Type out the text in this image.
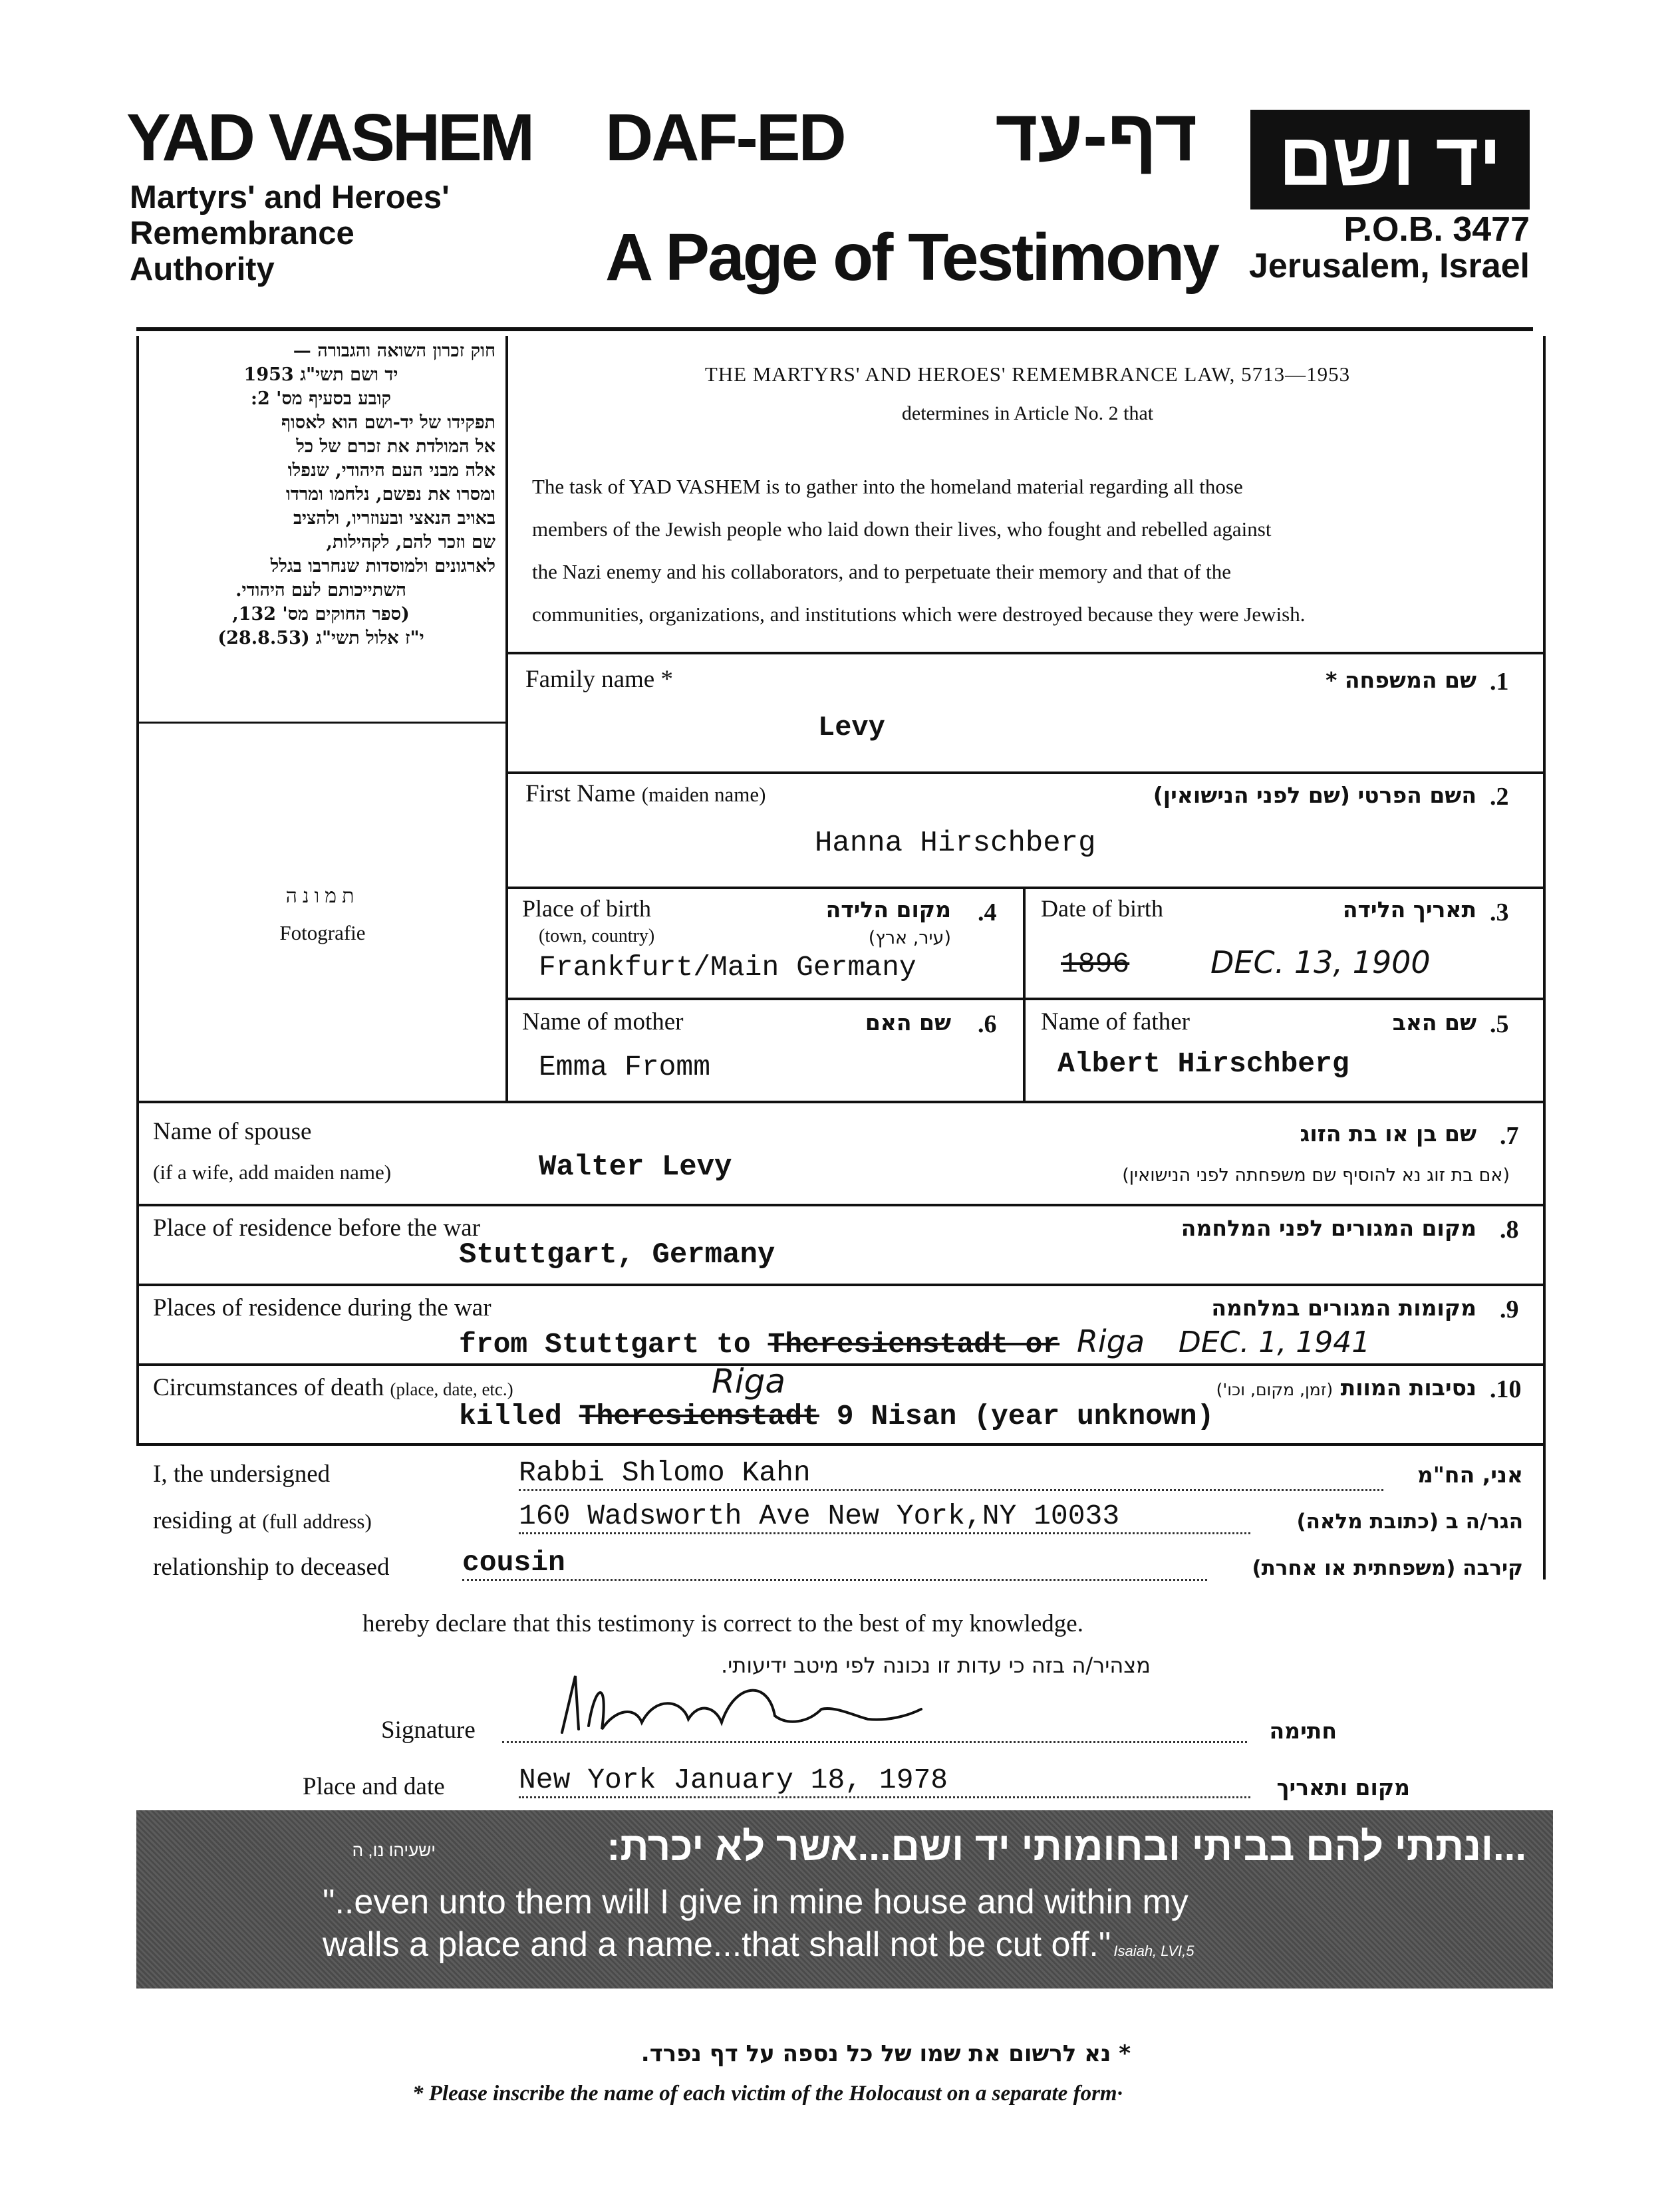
YAD VASHEM
Martyrs' and Heroes'
Remembrance
Authority
DAF-ED	דף-עד
A Page of Testimony
יד ושם
P.O.B. 3477
Jerusalem, Israel
חוק זכרון השואה והגבורה —
יד ושם תשי"ג 1953
קובע בסעיף מס' 2:
תפקידו של יד-ושם הוא לאסוף
אל המולדת את זכרם של כל
אלה מבני העם היהודי, שנפלו
ומסרו את נפשם, נלחמו ומרדו
באויב הנאצי ובעוזריו, ולהציב
שם וזכר להם, לקהילות,
לארגונים ולמוסדות שנחרבו בגלל
השתייכותם לעם היהודי.
(ספר החוקים מס' 132,
י"ז אלול תשי"ג (28.8.53)
THE MARTYRS' AND HEROES' REMEMBRANCE LAW, 5713—1953
determines in Article No. 2 that
The task of YAD VASHEM is to gather into the homeland material regarding all those
members of the Jewish people who laid down their lives, who fought and rebelled against
the Nazi enemy and his collaborators, and to perpetuate their memory and that of the
communities, organizations, and institutions which were destroyed because they were Jewish.
תמונה
Fotografie
Family name *	שם המשפחה * .1
Levy
First Name (maiden name)	השם הפרטי (שם לפני הנישואין) .2
Hanna Hirschberg
Place of birth
(town, country)
מקום הלידה
(עיר, ארץ)
.4
Frankfurt/Main Germany
Date of birth	תאריך הלידה .3
1896	DEC. 13, 1900
Name of mother	שם האם .6
Emma Fromm
Name of father	שם האב .5
Albert Hirschberg
Name of spouse
(if a wife, add maiden name)	Walter Levy
שם בן או בת הזוג
(אם בת זוג נא להוסיף שם משפחתה לפני הנישואין)
.7
Place of residence before the war	מקום המגורים לפני המלחמה .8
Stuttgart, Germany
Places of residence during the war	מקומות המגורים במלחמה .9
from Stuttgart to Theresienstadt or Riga DEC. 1, 1941
Circumstances of death (place, date, etc.)	Riga	נסיבות המוות (זמן, מקום, וכו')	.10
killed Theresienstadt 9 Nisan (year unknown)
I, the undersigned	Rabbi Shlomo Kahn	אני, הח"מ
residing at (full address)	160 Wadsworth Ave New York,NY 10033	הגר/ה ב (כתובת מלאה)
relationship to deceased	cousin	קירבה (משפחתית או אחרת)
hereby declare that this testimony is correct to the best of my knowledge.
מצהיר/ה בזה כי עדות זו נכונה לפי מיטב ידיעותי.
Signature	חתימה
Place and date	New York January 18, 1978	מקום ותאריך
...ונתתי להם בביתי ובחומותי יד ושם...אשר לא יכרת:
ישעיהו נו, ה
"..even unto them will I give in mine house and within my
walls a place and a name...that shall not be cut off." Isaiah, LVI,5
* נא לרשום את שמו של כל נספה על דף נפרד.
* Please inscribe the name of each victim of the Holocaust on a separate form·
